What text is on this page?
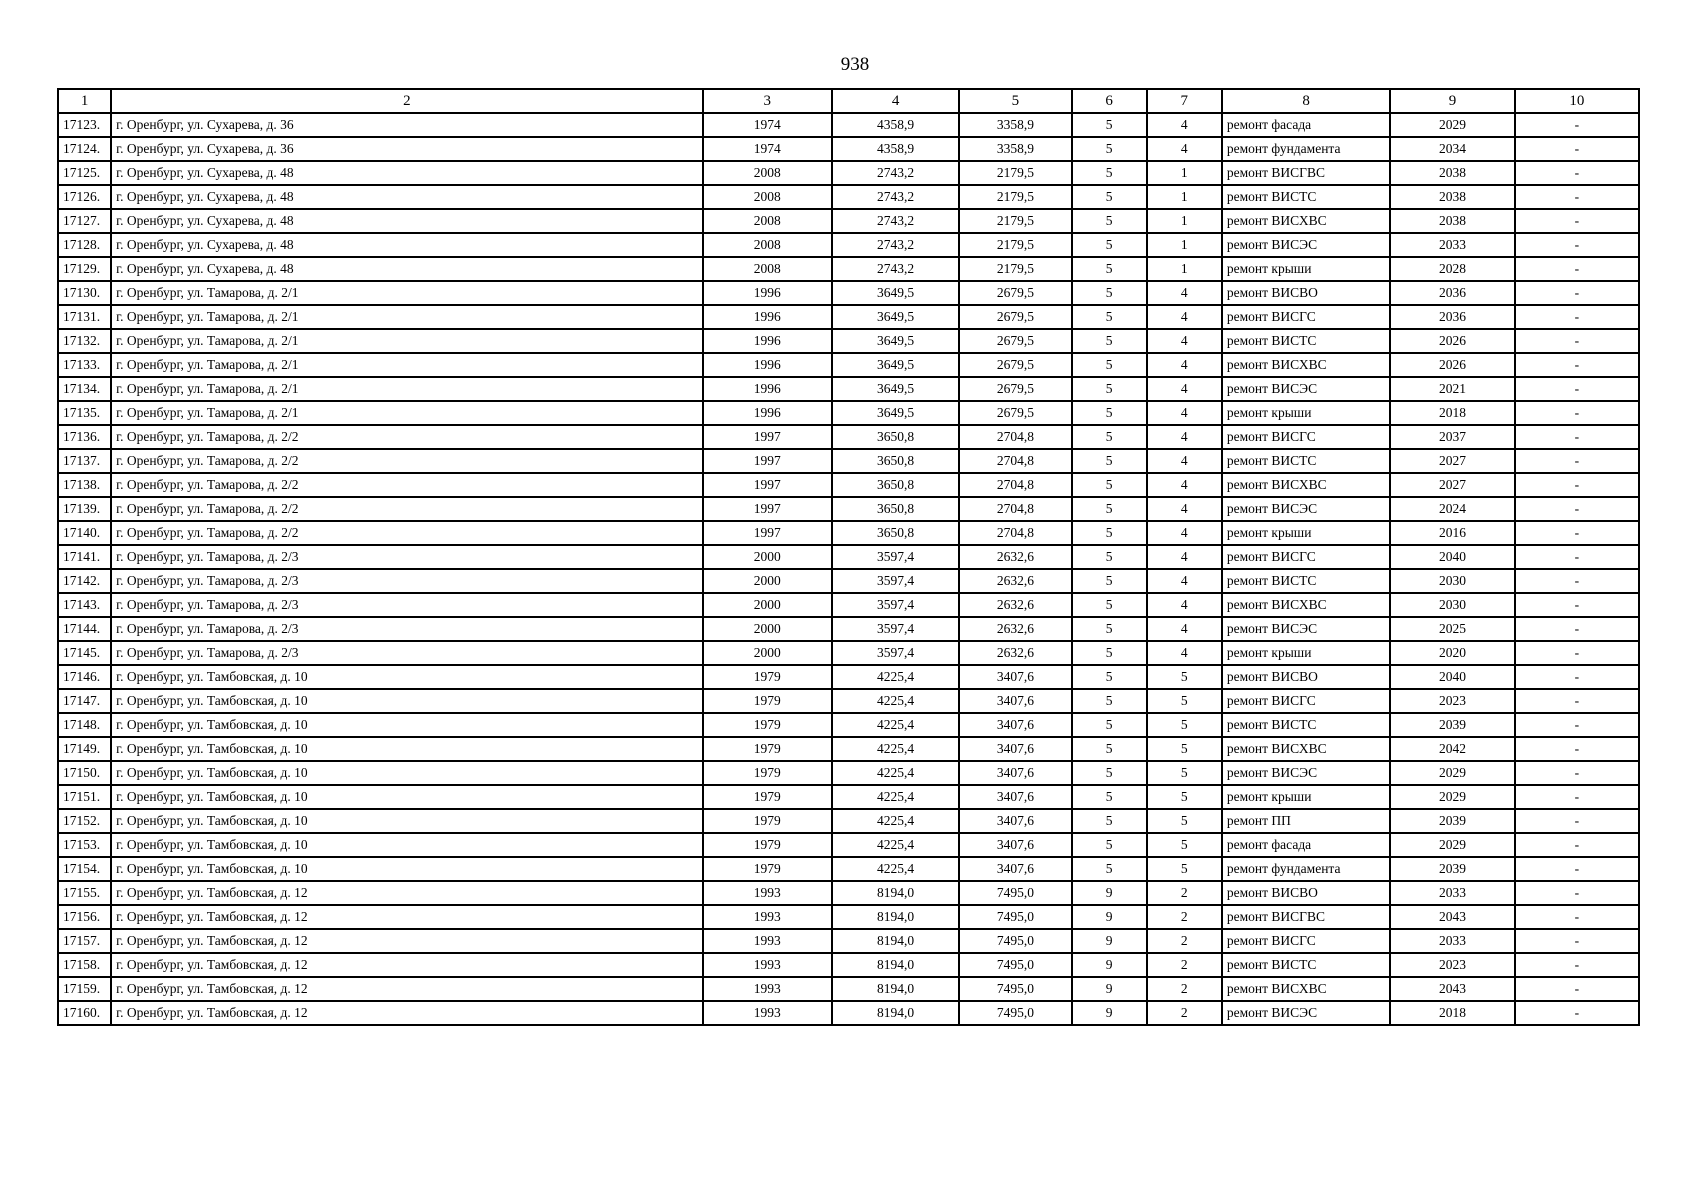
938
1	2	3	4	5	6	7	8	9	10
17123.	г. Оренбург, ул. Сухарева, д. 36	1974	4358,9	3358,9	5	4	ремонт фасада	2029	-
17124.	г. Оренбург, ул. Сухарева, д. 36	1974	4358,9	3358,9	5	4	ремонт фундамента	2034	-
17125.	г. Оренбург, ул. Сухарева, д. 48	2008	2743,2	2179,5	5	1	ремонт ВИСГВС	2038	-
17126.	г. Оренбург, ул. Сухарева, д. 48	2008	2743,2	2179,5	5	1	ремонт ВИСТС	2038	-
17127.	г. Оренбург, ул. Сухарева, д. 48	2008	2743,2	2179,5	5	1	ремонт ВИСХВС	2038	-
17128.	г. Оренбург, ул. Сухарева, д. 48	2008	2743,2	2179,5	5	1	ремонт ВИСЭС	2033	-
17129.	г. Оренбург, ул. Сухарева, д. 48	2008	2743,2	2179,5	5	1	ремонт крыши	2028	-
17130.	г. Оренбург, ул. Тамарова, д. 2/1	1996	3649,5	2679,5	5	4	ремонт ВИСВО	2036	-
17131.	г. Оренбург, ул. Тамарова, д. 2/1	1996	3649,5	2679,5	5	4	ремонт ВИСГС	2036	-
17132.	г. Оренбург, ул. Тамарова, д. 2/1	1996	3649,5	2679,5	5	4	ремонт ВИСТС	2026	-
17133.	г. Оренбург, ул. Тамарова, д. 2/1	1996	3649,5	2679,5	5	4	ремонт ВИСХВС	2026	-
17134.	г. Оренбург, ул. Тамарова, д. 2/1	1996	3649,5	2679,5	5	4	ремонт ВИСЭС	2021	-
17135.	г. Оренбург, ул. Тамарова, д. 2/1	1996	3649,5	2679,5	5	4	ремонт крыши	2018	-
17136.	г. Оренбург, ул. Тамарова, д. 2/2	1997	3650,8	2704,8	5	4	ремонт ВИСГС	2037	-
17137.	г. Оренбург, ул. Тамарова, д. 2/2	1997	3650,8	2704,8	5	4	ремонт ВИСТС	2027	-
17138.	г. Оренбург, ул. Тамарова, д. 2/2	1997	3650,8	2704,8	5	4	ремонт ВИСХВС	2027	-
17139.	г. Оренбург, ул. Тамарова, д. 2/2	1997	3650,8	2704,8	5	4	ремонт ВИСЭС	2024	-
17140.	г. Оренбург, ул. Тамарова, д. 2/2	1997	3650,8	2704,8	5	4	ремонт крыши	2016	-
17141.	г. Оренбург, ул. Тамарова, д. 2/3	2000	3597,4	2632,6	5	4	ремонт ВИСГС	2040	-
17142.	г. Оренбург, ул. Тамарова, д. 2/3	2000	3597,4	2632,6	5	4	ремонт ВИСТС	2030	-
17143.	г. Оренбург, ул. Тамарова, д. 2/3	2000	3597,4	2632,6	5	4	ремонт ВИСХВС	2030	-
17144.	г. Оренбург, ул. Тамарова, д. 2/3	2000	3597,4	2632,6	5	4	ремонт ВИСЭС	2025	-
17145.	г. Оренбург, ул. Тамарова, д. 2/3	2000	3597,4	2632,6	5	4	ремонт крыши	2020	-
17146.	г. Оренбург, ул. Тамбовская, д. 10	1979	4225,4	3407,6	5	5	ремонт ВИСВО	2040	-
17147.	г. Оренбург, ул. Тамбовская, д. 10	1979	4225,4	3407,6	5	5	ремонт ВИСГС	2023	-
17148.	г. Оренбург, ул. Тамбовская, д. 10	1979	4225,4	3407,6	5	5	ремонт ВИСТС	2039	-
17149.	г. Оренбург, ул. Тамбовская, д. 10	1979	4225,4	3407,6	5	5	ремонт ВИСХВС	2042	-
17150.	г. Оренбург, ул. Тамбовская, д. 10	1979	4225,4	3407,6	5	5	ремонт ВИСЭС	2029	-
17151.	г. Оренбург, ул. Тамбовская, д. 10	1979	4225,4	3407,6	5	5	ремонт крыши	2029	-
17152.	г. Оренбург, ул. Тамбовская, д. 10	1979	4225,4	3407,6	5	5	ремонт ПП	2039	-
17153.	г. Оренбург, ул. Тамбовская, д. 10	1979	4225,4	3407,6	5	5	ремонт фасада	2029	-
17154.	г. Оренбург, ул. Тамбовская, д. 10	1979	4225,4	3407,6	5	5	ремонт фундамента	2039	-
17155.	г. Оренбург, ул. Тамбовская, д. 12	1993	8194,0	7495,0	9	2	ремонт ВИСВО	2033	-
17156.	г. Оренбург, ул. Тамбовская, д. 12	1993	8194,0	7495,0	9	2	ремонт ВИСГВС	2043	-
17157.	г. Оренбург, ул. Тамбовская, д. 12	1993	8194,0	7495,0	9	2	ремонт ВИСГС	2033	-
17158.	г. Оренбург, ул. Тамбовская, д. 12	1993	8194,0	7495,0	9	2	ремонт ВИСТС	2023	-
17159.	г. Оренбург, ул. Тамбовская, д. 12	1993	8194,0	7495,0	9	2	ремонт ВИСХВС	2043	-
17160.	г. Оренбург, ул. Тамбовская, д. 12	1993	8194,0	7495,0	9	2	ремонт ВИСЭС	2018	-
